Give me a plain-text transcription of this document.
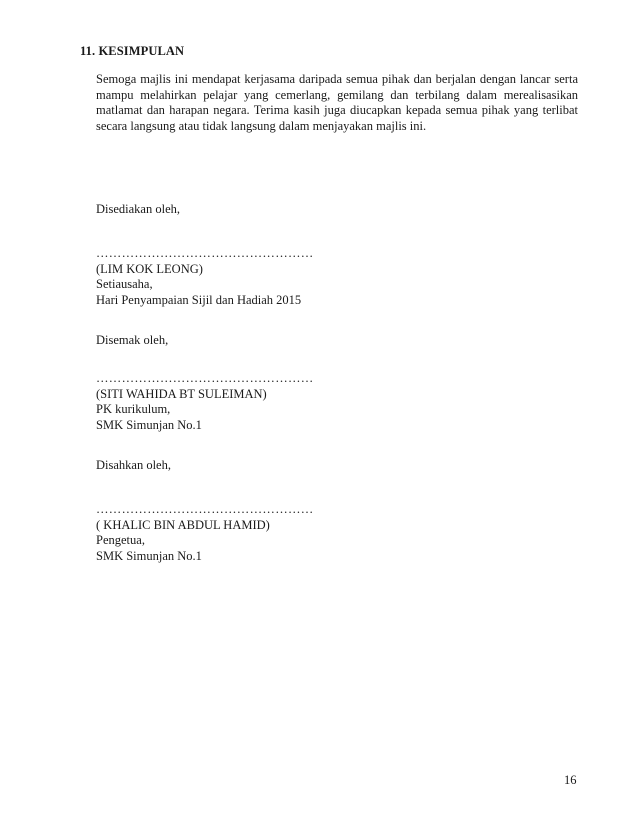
11. KESIMPULAN

Semoga majlis ini mendapat kerjasama daripada semua pihak dan berjalan dengan lancar serta mampu melahirkan pelajar yang cemerlang, gemilang dan terbilang dalam merealisasikan matlamat dan harapan negara. Terima kasih juga diucapkan kepada semua pihak yang terlibat secara langsung atau tidak langsung dalam menjayakan majlis ini.

Disediakan oleh,
……………………………………………
(LIM KOK LEONG)
Setiausaha,
Hari Penyampaian Sijil dan Hadiah 2015
Disemak oleh,
……………………………………………
(SITI WAHIDA BT SULEIMAN)
PK kurikulum,
SMK Simunjan No.1
Disahkan oleh,
……………………………………………
( KHALIC BIN ABDUL HAMID)
Pengetua,
SMK Simunjan No.1
16
